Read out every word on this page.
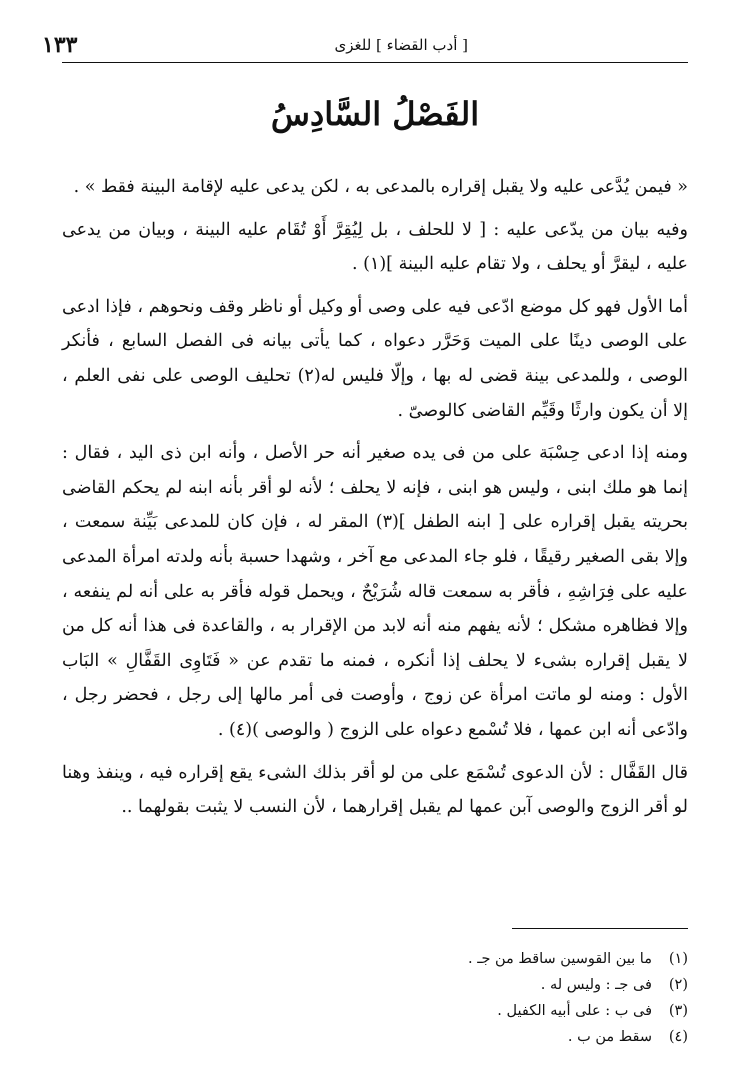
[ أدب القضاء ] للغزى
١٣٣
الفَصْلُ السَّادِسُ

« فيمن يُدَّعى عليه ولا يقبل إقراره بالمدعى به ، لكن يدعى عليه لإقامة البينة فقط » .

وفيه بيان من يدّعى عليه : [ لا للحلف ، بل لِيُقِرَّ أَوْ تُقَام عليه البينة ، وبيان من يدعى عليه ، ليقرَّ أو يحلف ، ولا تقام عليه البينة ](١) .

أما الأول فهو كل موضع ادّعى فيه على وصى أو وكيل أو ناظر وقف ونحوهم ، فإذا ادعى على الوصى دينًا على الميت وَحَرَّر دعواه ، كما يأتى بيانه فى الفصل السابع ، فأنكر الوصى ، وللمدعى بينة قضى له بها ، وإلّا فليس له(٢) تحليف الوصى على نفى العلم ، إلا أن يكون وارثًا وقَيِّم القاضى كالوصىّ .

ومنه إذا ادعى حِسْبَة على من فى يده صغير أنه حر الأصل ، وأنه ابن ذى اليد ، فقال : إنما هو ملك ابنى ، وليس هو ابنى ، فإنه لا يحلف ؛ لأنه لو أقر بأنه ابنه لم يحكم القاضى بحريته يقبل إقراره على [ ابنه الطفل ](٣) المقر له ، فإن كان للمدعى بَيِّنة سمعت ، وإلا بقى الصغير رقيقًا ، فلو جاء المدعى مع آخر ، وشهدا حسبة بأنه ولدته امرأة المدعى عليه على فِرَاشِهِ ، فأقر به سمعت قاله شُرَيْحٌ ، ويحمل قوله فأقر به على أنه لم ينفعه ، وإلا فظاهره مشكل ؛ لأنه يفهم منه أنه لابد من الإقرار به ، والقاعدة فى هذا أنه كل من لا يقبل إقراره بشىء لا يحلف إذا أنكره ، فمنه ما تقدم عن « فَتَاوِى القَفَّالِ » البَاب الأول : ومنه لو ماتت امرأة عن زوج ، وأوصت فى أمر مالها إلى رجل ، فحضر رجل ، وادّعى أنه ابن عمها ، فلا تُسْمع دعواه على الزوج ( والوصى )(٤) .

قال القَفَّال : لأن الدعوى تُسْمَع على من لو أقر بذلك الشىء يقع إقراره فيه ، وينفذ وهنا لو أقر الزوج والوصى آبن عمها لم يقبل إقرارهما ، لأن النسب لا يثبت بقولهما ..

(١)
ما بين القوسين ساقط من جـ .
(٢)
فى جـ : وليس له .
(٣)
فى ب : على أبيه الكفيل .
(٤)
سقط من ب .
